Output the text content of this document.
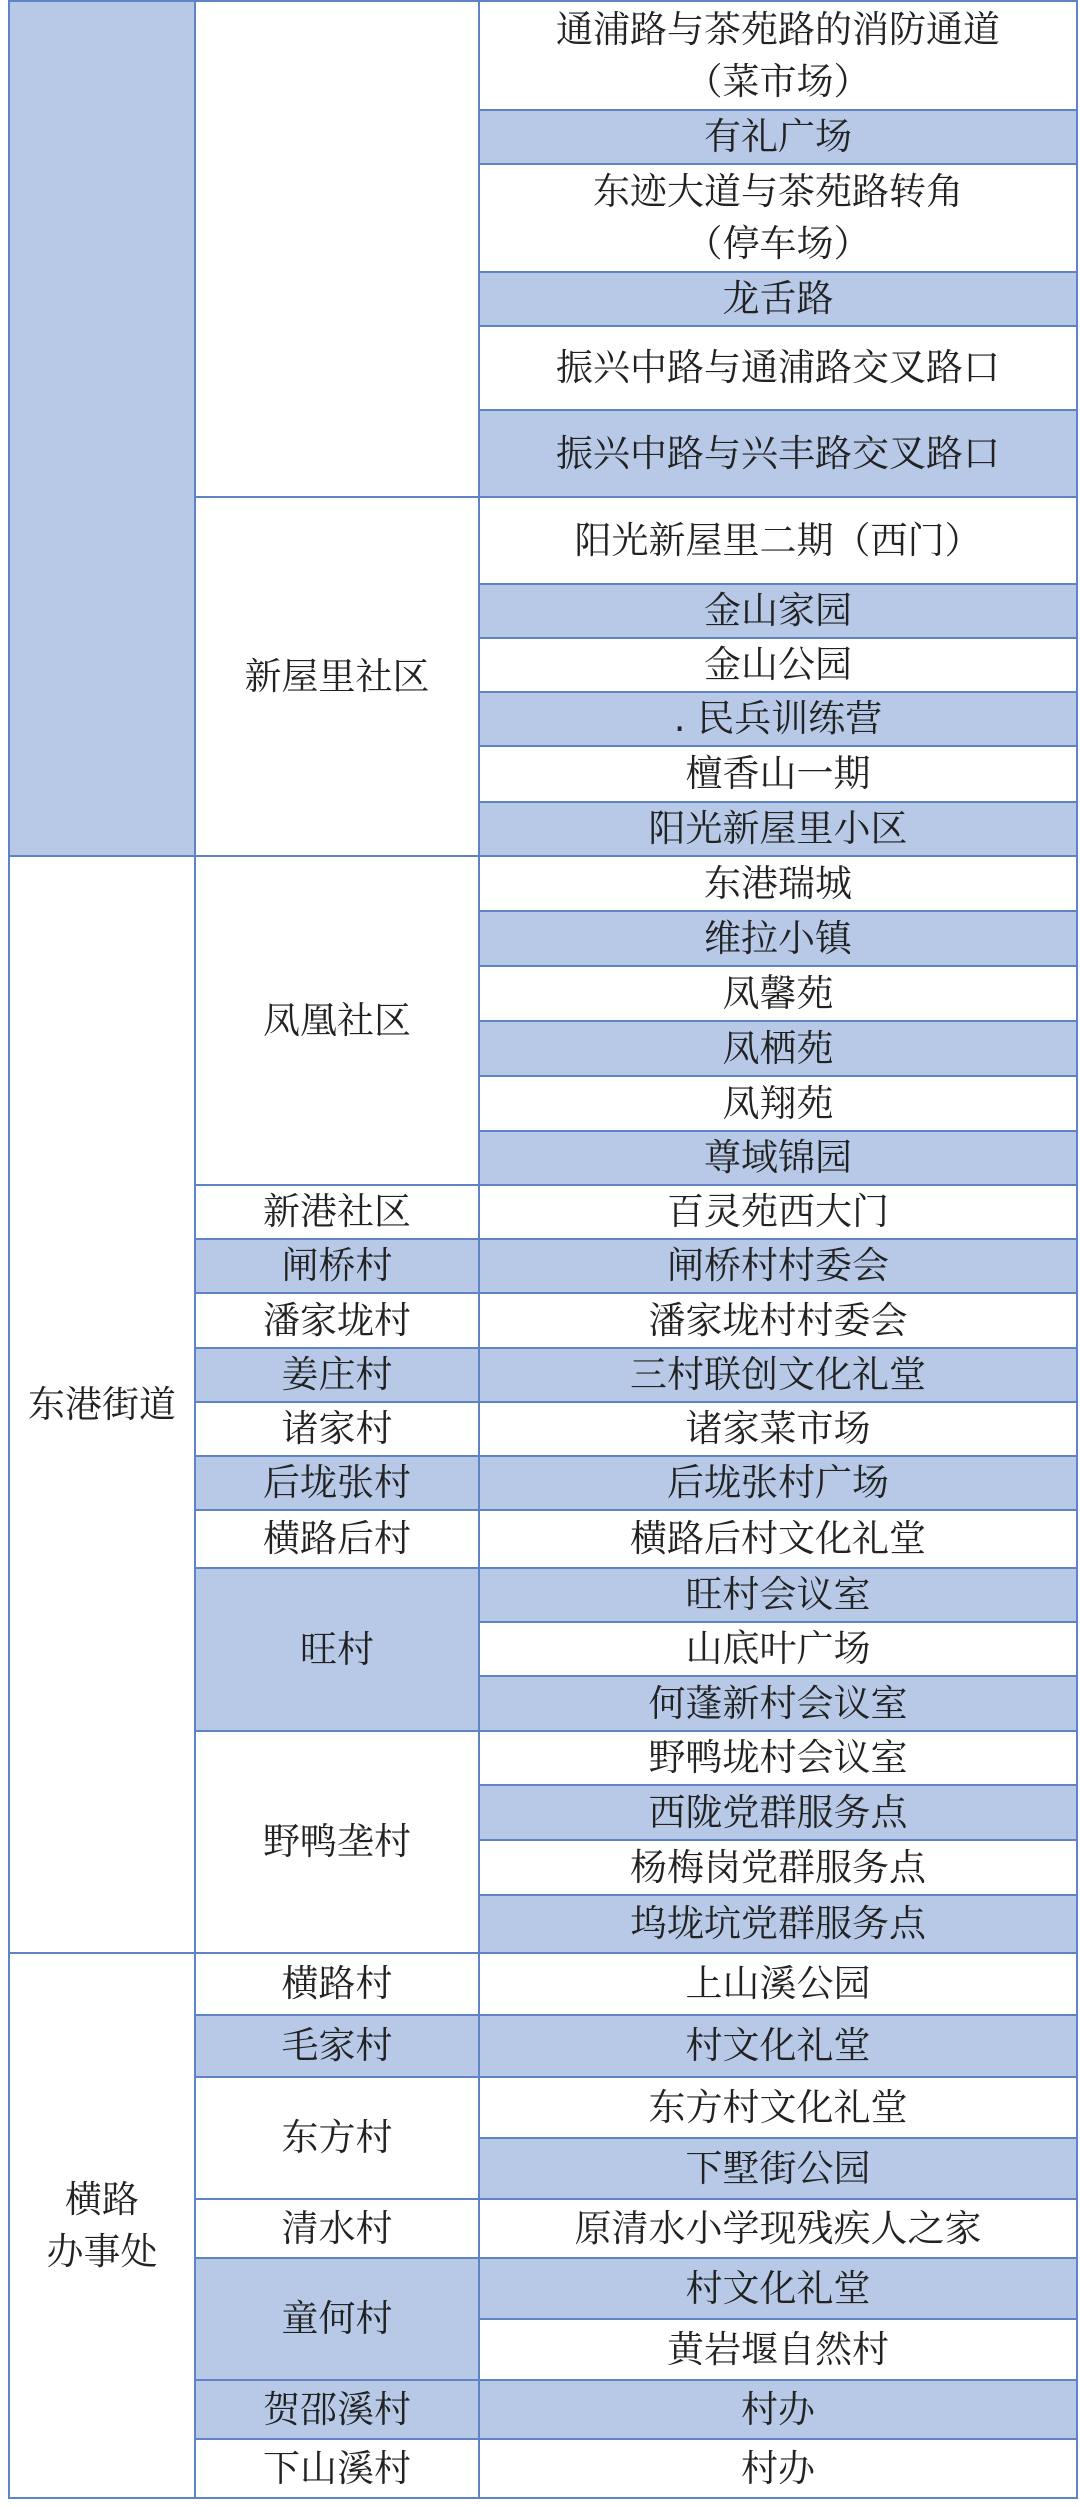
东港街道
横路
办事处
新屋里社区
凤凰社区
新港社区
闸桥村
潘家垅村
姜庄村
诸家村
后垅张村
横路后村
旺村
野鸭垄村
横路村
毛家村
东方村
清水村
童何村
贺邵溪村
下山溪村
通浦路与茶苑路的消防通道
（菜市场）
有礼广场
东迹大道与茶苑路转角
（停车场）
龙舌路
振兴中路与通浦路交叉路口
振兴中路与兴丰路交叉路口
阳光新屋里二期（西门）
金山家园
金山公园
. 民兵训练营
檀香山一期
阳光新屋里小区
东港瑞城
维拉小镇
凤馨苑
凤栖苑
凤翔苑
尊域锦园
百灵苑西大门
闸桥村村委会
潘家垅村村委会
三村联创文化礼堂
诸家菜市场
后垅张村广场
横路后村文化礼堂
旺村会议室
山底叶广场
何蓬新村会议室
野鸭垅村会议室
西陇党群服务点
杨梅岗党群服务点
坞垅坑党群服务点
上山溪公园
村文化礼堂
东方村文化礼堂
下墅街公园
原清水小学现残疾人之家
村文化礼堂
黄岩堰自然村
村办
村办
